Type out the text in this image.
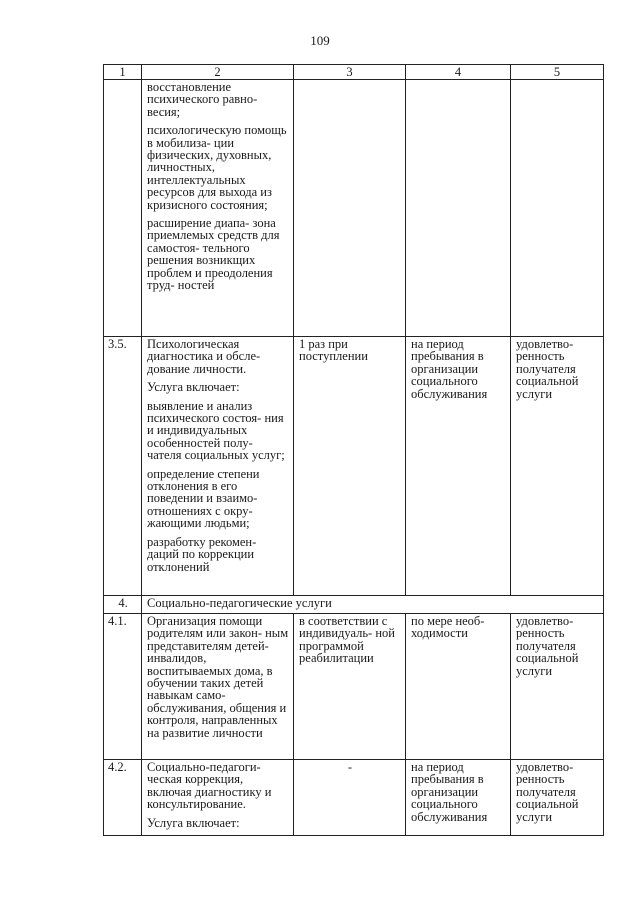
109
1	2	3	4	5

	восстановление психического равно- весия;
психологическую помощь в мобилиза- ции физических, духовных, личностных, интеллектуальных ресурсов для выхода из кризисного состояния;
расширение диапа- зона приемлемых средств для самостоя- тельного решения возникщих проблем и преодоления труд- ностей			

3.5.	Психологическая диагностика и обсле- дование личности.
Услуга включает:
выявление и анализ психического состоя- ния и индивидуальных особенностей полу- чателя социальных услуг;
определение степени отклонения в его поведении и взаимо- отношениях с окру- жающими людьми;
разработку рекомен- даций по коррекции отклонений	1 раз при поступлении	на период пребывания в организации социального обслуживания	удовлетво- ренность получателя социальной услуги
4.	Социально-педагогические услуги			
4.1.	Организация помощи родителям или закон- ным представителям детей-инвалидов, воспитываемых дома, в обучении таких детей навыкам само- обслуживания, общения и контроля, направленных на развитие личности	в соответствии с индивидуаль- ной программой реабилитации	по мере необ- ходимости	удовлетво- ренность получателя социальной услуги
4.2.	Социально-педагоги- ческая коррекция, включая диагностику и консультирование.
Услуга включает:	-	на период пребывания в организации социального обслуживания	удовлетво- ренность получателя социальной услуги
